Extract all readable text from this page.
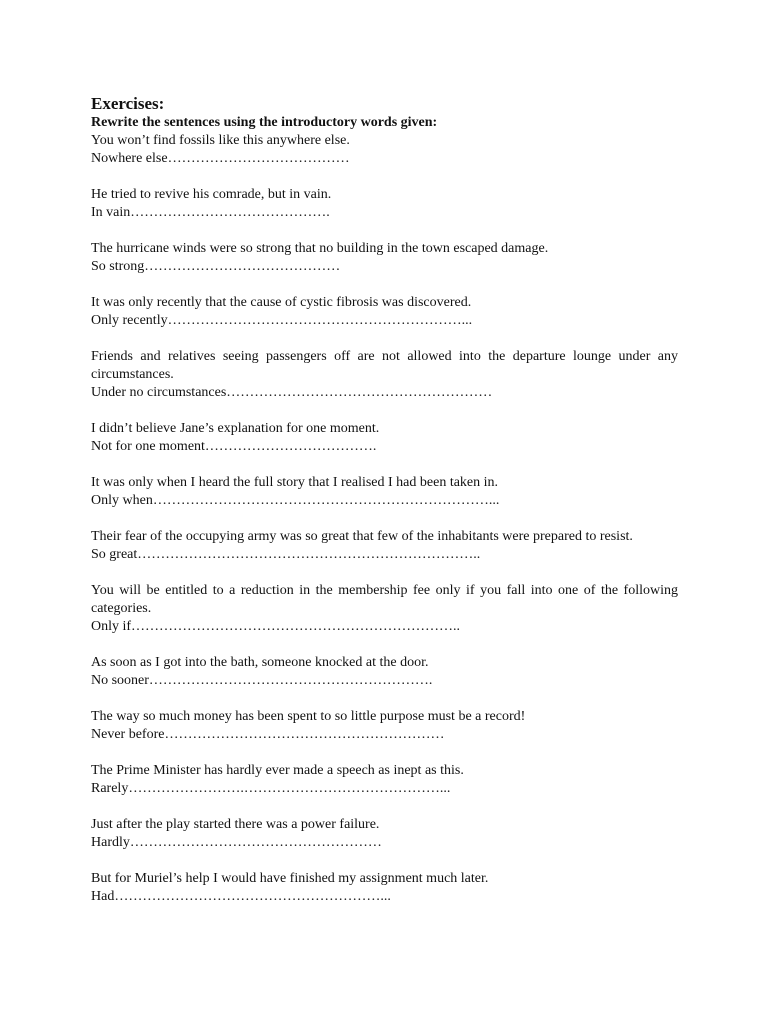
Exercises:

Rewrite the sentences using the introductory words given:

You won’t find fossils like this anywhere else.

Nowhere else…………………………………

He tried to revive his comrade, but in vain.

In vain…………………………………….

The hurricane winds were so strong that no building in the town escaped damage.

So strong……………………………………

It was only recently that the cause of cystic fibrosis was discovered.

Only recently………………………………………………………...

Friends and relatives seeing passengers off are not allowed into the departure lounge under any circumstances.

Under no circumstances…………………………………………………

I didn’t believe Jane’s explanation for one moment.

Not for one moment……………………………….

It was only when I heard the full story that I realised I had been taken in.

Only when………………………………………………………………...

Their fear of the occupying army was so great that few of the inhabitants were prepared to resist.

So great………………………………………………………………..

You will be entitled to a reduction in the membership fee only if you fall into one of the following categories.

Only if……………………………………………………………..

As soon as I got into the bath, someone knocked at the door.

No sooner…………………………………………………….

The way so much money has been spent to so little purpose must be a record!

Never before……………………………………………………

The Prime Minister has hardly ever made a speech as inept as this.

Rarely…………………….……………………………………...

Just after the play started there was a power failure.

Hardly………………………………………………

But for Muriel’s help I would have finished my assignment much later.

Had…………………………………………………...
